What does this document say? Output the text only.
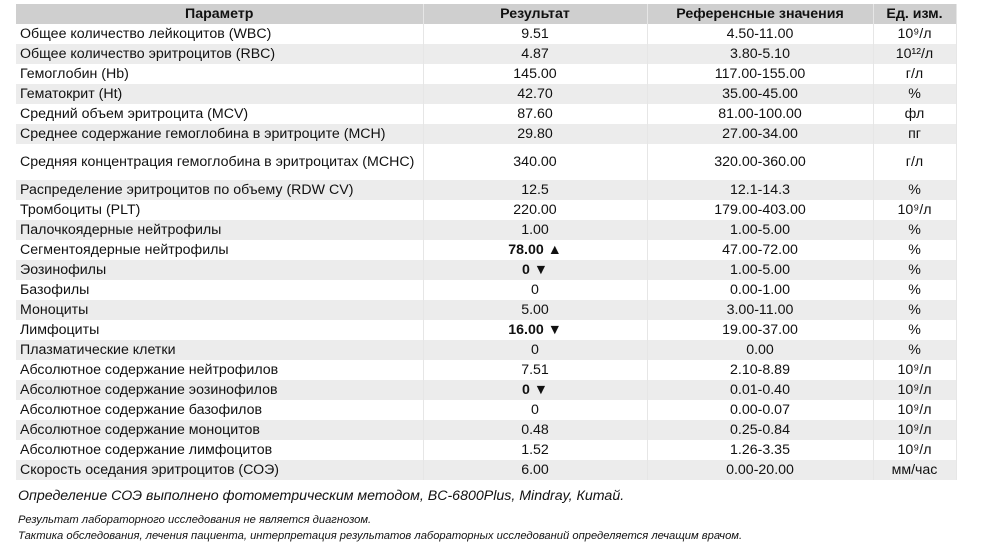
Параметр	Результат	Референсные значения	Ед. изм.
Общее количество лейкоцитов (WBC)	9.51	4.50-11.00	10⁹/л
Общее количество эритроцитов (RBC)	4.87	3.80-5.10	10¹²/л
Гемоглобин (Hb)	145.00	117.00-155.00	г/л
Гематокрит (Ht)	42.70	35.00-45.00	%
Средний объем эритроцита (MCV)	87.60	81.00-100.00	фл
Среднее содержание гемоглобина в эритроците (MCH)	29.80	27.00-34.00	пг
Средняя концентрация гемоглобина в эритроцитах (MCHC)	340.00	320.00-360.00	г/л
Распределение эритроцитов по объему (RDW CV)	12.5	12.1-14.3	%
Тромбоциты (PLT)	220.00	179.00-403.00	10⁹/л
Палочкоядерные нейтрофилы	1.00	1.00-5.00	%
Сегментоядерные нейтрофилы	78.00 ▲	47.00-72.00	%
Эозинофилы	0 ▼	1.00-5.00	%
Базофилы	0	0.00-1.00	%
Моноциты	5.00	3.00-11.00	%
Лимфоциты	16.00 ▼	19.00-37.00	%
Плазматические клетки	0	0.00	%
Абсолютное содержание нейтрофилов	7.51	2.10-8.89	10⁹/л
Абсолютное содержание эозинофилов	0 ▼	0.01-0.40	10⁹/л
Абсолютное содержание базофилов	0	0.00-0.07	10⁹/л
Абсолютное содержание моноцитов	0.48	0.25-0.84	10⁹/л
Абсолютное содержание лимфоцитов	1.52	1.26-3.35	10⁹/л
Скорость оседания эритроцитов (СОЭ)	6.00	0.00-20.00	мм/час
Определение СОЭ выполнено фотометрическим методом, BC-6800Plus, Mindray, Китай.
Результат лабораторного исследования не является диагнозом.
Тактика обследования, лечения пациента, интерпретация результатов лабораторных исследований определяется лечащим врачом.
